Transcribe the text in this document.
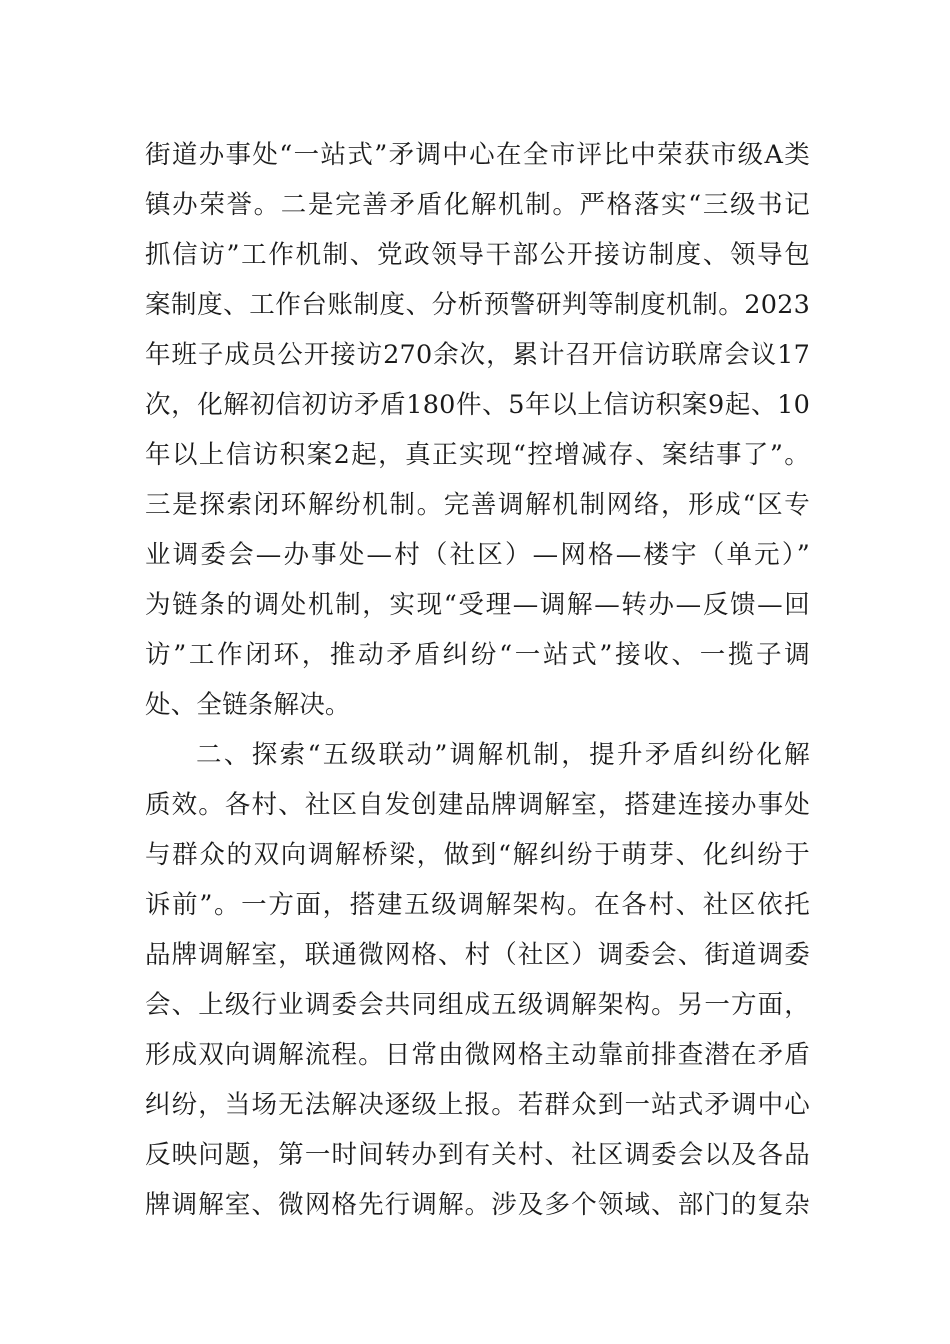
街道办事处“一站式”矛调中心在全市评比中荣获市级A类
镇办荣誉。二是完善矛盾化解机制。严格落实“三级书记
抓信访”工作机制、党政领导干部公开接访制度、领导包
案制度、工作台账制度、分析预警研判等制度机制。2023
年班子成员公开接访270余次，累计召开信访联席会议17
次，化解初信初访矛盾180件、5年以上信访积案9起、10
年以上信访积案2起，真正实现“控增减存、案结事了”。
三是探索闭环解纷机制。完善调解机制网络，形成“区专
业调委会—办事处—村（社区）—网格—楼宇（单元）”
为链条的调处机制，实现“受理—调解—转办—反馈—回
访”工作闭环，推动矛盾纠纷“一站式”接收、一揽子调
处、全链条解决。
二、探索“五级联动”调解机制，提升矛盾纠纷化解
质效。各村、社区自发创建品牌调解室，搭建连接办事处
与群众的双向调解桥梁，做到“解纠纷于萌芽、化纠纷于
诉前”。一方面，搭建五级调解架构。在各村、社区依托
品牌调解室，联通微网格、村（社区）调委会、街道调委
会、上级行业调委会共同组成五级调解架构。另一方面，
形成双向调解流程。日常由微网格主动靠前排查潜在矛盾
纠纷，当场无法解决逐级上报。若群众到一站式矛调中心
反映问题，第一时间转办到有关村、社区调委会以及各品
牌调解室、微网格先行调解。涉及多个领域、部门的复杂
